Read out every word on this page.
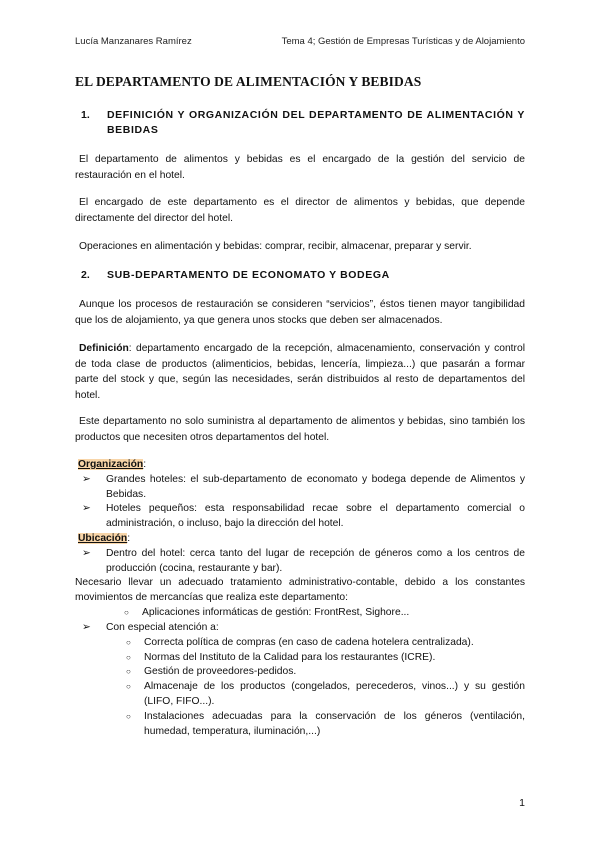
Lucía Manzanares Ramírez	Tema 4; Gestión de Empresas Turísticas y de Alojamiento
EL DEPARTAMENTO DE ALIMENTACIÓN Y BEBIDAS
1.	DEFINICIÓN Y ORGANIZACIÓN DEL DEPARTAMENTO DE ALIMENTACIÓN Y BEBIDAS
El departamento de alimentos y bebidas es el encargado de la gestión del servicio de restauración en el hotel.
El encargado de este departamento es el director de alimentos y bebidas, que depende directamente del director del hotel.
Operaciones en alimentación y bebidas: comprar, recibir, almacenar, preparar y servir.
2.	SUB-DEPARTAMENTO DE ECONOMATO Y BODEGA
Aunque los procesos de restauración se consideren “servicios”, éstos tienen mayor tangibilidad que los de alojamiento, ya que genera unos stocks que deben ser almacenados.
Definición: departamento encargado de la recepción, almacenamiento, conservación y control de toda clase de productos (alimenticios, bebidas, lencería, limpieza...) que pasarán a formar parte del stock y que, según las necesidades, serán distribuidos al resto de departamentos del hotel.
Este departamento no solo suministra al departamento de alimentos y bebidas, sino también los productos que necesiten otros departamentos del hotel.
Organización:
➢ Grandes hoteles: el sub-departamento de economato y bodega depende de Alimentos y Bebidas.
➢ Hoteles pequeños: esta responsabilidad recae sobre el departamento comercial o administración, o incluso, bajo la dirección del hotel.
Ubicación:
➢ Dentro del hotel: cerca tanto del lugar de recepción de géneros como a los centros de producción (cocina, restaurante y bar).
Necesario llevar un adecuado tratamiento administrativo-contable, debido a los constantes movimientos de mercancías que realiza este departamento:
○ Aplicaciones informáticas de gestión: FrontRest, Sighore...
➢ Con especial atención a:
○ Correcta política de compras (en caso de cadena hotelera centralizada).
○ Normas del Instituto de la Calidad para los restaurantes (ICRE).
○ Gestión de proveedores-pedidos.
○ Almacenaje de los productos (congelados, perecederos, vinos...) y su gestión (LIFO, FIFO...).
○ Instalaciones adecuadas para la conservación de los géneros (ventilación, humedad, temperatura, iluminación,...)
1
